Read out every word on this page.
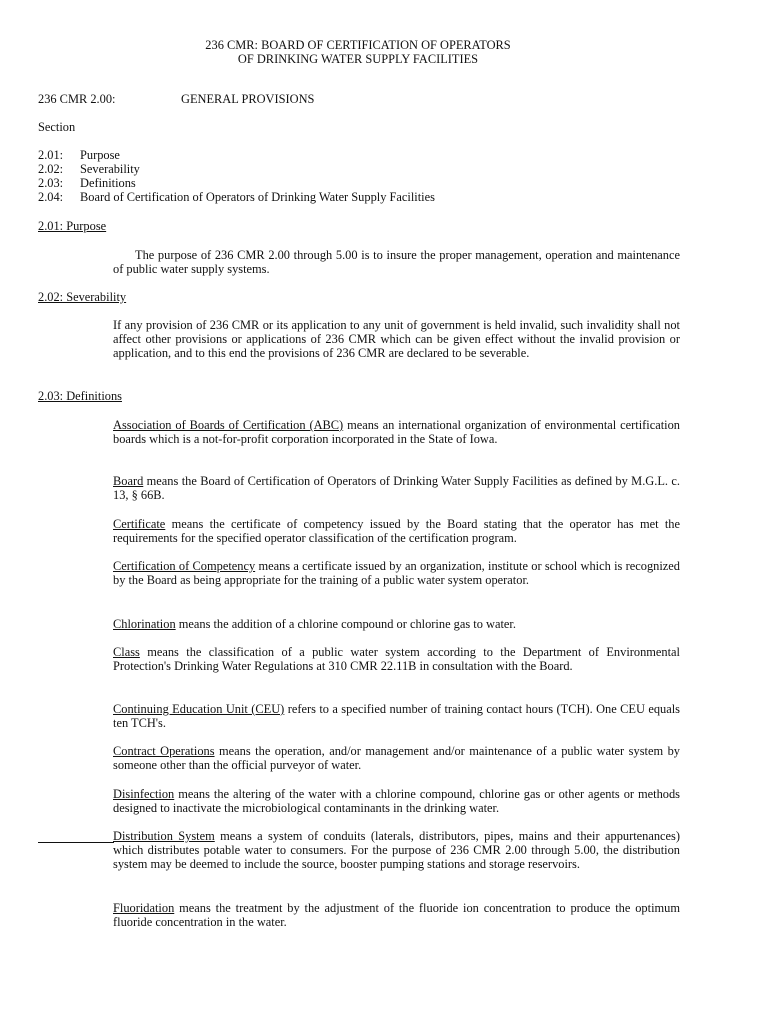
236 CMR: BOARD OF CERTIFICATION OF OPERATORS
OF DRINKING WATER SUPPLY FACILITIES
236 CMR 2.00:	GENERAL PROVISIONS
Section
2.01: Purpose
2.02: Severability
2.03: Definitions
2.04: Board of Certification of Operators of Drinking Water Supply Facilities
2.01: Purpose

The purpose of 236 CMR 2.00 through 5.00 is to insure the proper management, operation and maintenance of public water supply systems.

2.02: Severability

If any provision of 236 CMR or its application to any unit of government is held invalid, such invalidity shall not affect other provisions or applications of 236 CMR which can be given effect without the invalid provision or application, and to this end the provisions of 236 CMR are declared to be severable.

2.03: Definitions

Association of Boards of Certification (ABC) means an international organization of environmental certification boards which is a not-for-profit corporation incorporated in the State of Iowa.

Board means the Board of Certification of Operators of Drinking Water Supply Facilities as defined by M.G.L. c. 13, § 66B.

Certificate means the certificate of competency issued by the Board stating that the operator has met the requirements for the specified operator classification of the certification program.

Certification of Competency means a certificate issued by an organization, institute or school which is recognized by the Board as being appropriate for the training of a public water system operator.

Chlorination means the addition of a chlorine compound or chlorine gas to water.

Class means the classification of a public water system according to the Department of Environmental Protection's Drinking Water Regulations at 310 CMR 22.11B in consultation with the Board.

Continuing Education Unit (CEU) refers to a specified number of training contact hours (TCH). One CEU equals ten TCH's.

Contract Operations means the operation, and/or management and/or maintenance of a public water system by someone other than the official purveyor of water.

Disinfection means the altering of the water with a chlorine compound, chlorine gas or other agents or methods designed to inactivate the microbiological contaminants in the drinking water.

Distribution System means a system of conduits (laterals, distributors, pipes, mains and their appurtenances) which distributes potable water to consumers. For the purpose of 236 CMR 2.00 through 5.00, the distribution system may be deemed to include the source, booster pumping stations and storage reservoirs.

Fluoridation means the treatment by the adjustment of the fluoride ion concentration to produce the optimum fluoride concentration in the water.
